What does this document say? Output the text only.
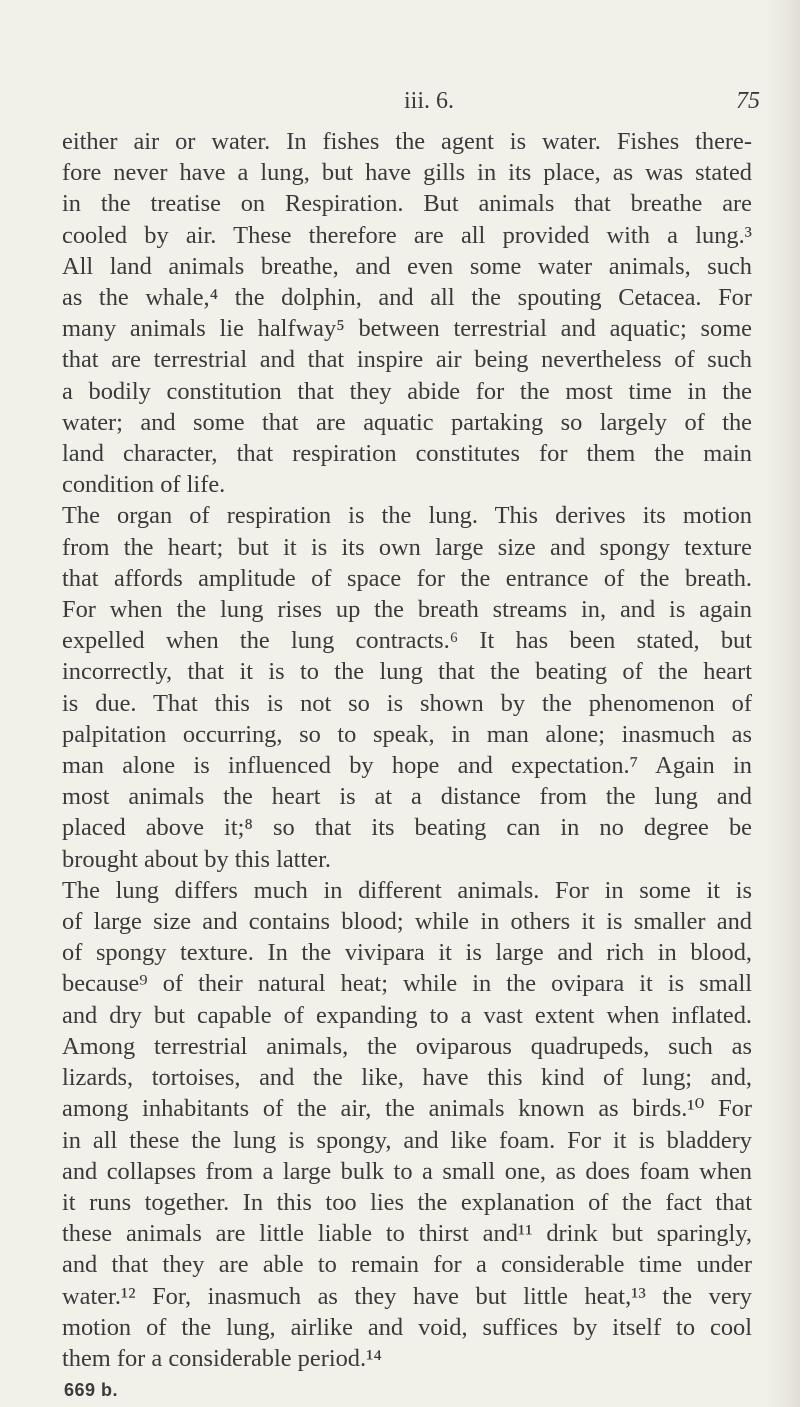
iii. 6.	75
either air or water. In fishes the agent is water. Fishes there-
fore never have a lung, but have gills in its place, as was stated
in the treatise on Respiration. But animals that breathe are
cooled by air. These therefore are all provided with a lung.³
All land animals breathe, and even some water animals, such
as the whale,⁴ the dolphin, and all the spouting Cetacea. For
many animals lie halfway⁵ between terrestrial and aquatic; some
that are terrestrial and that inspire air being nevertheless of such
a bodily constitution that they abide for the most time in the
water; and some that are aquatic partaking so largely of the
land character, that respiration constitutes for them the main
condition of life.
The organ of respiration is the lung. This derives its motion
from the heart; but it is its own large size and spongy texture
that affords amplitude of space for the entrance of the breath.
For when the lung rises up the breath streams in, and is again
expelled when the lung contracts.⁶ It has been stated, but
incorrectly, that it is to the lung that the beating of the heart
is due. That this is not so is shown by the phenomenon of
palpitation occurring, so to speak, in man alone; inasmuch as
man alone is influenced by hope and expectation.⁷ Again in
most animals the heart is at a distance from the lung and
placed above it;⁸ so that its beating can in no degree be
brought about by this latter.
The lung differs much in different animals. For in some it is
of large size and contains blood; while in others it is smaller and
of spongy texture. In the vivipara it is large and rich in blood,
because⁹ of their natural heat; while in the ovipara it is small
and dry but capable of expanding to a vast extent when inflated.
Among terrestrial animals, the oviparous quadrupeds, such as
lizards, tortoises, and the like, have this kind of lung; and,
among inhabitants of the air, the animals known as birds.¹⁰ For
in all these the lung is spongy, and like foam. For it is bladdery
and collapses from a large bulk to a small one, as does foam when
it runs together. In this too lies the explanation of the fact that
these animals are little liable to thirst and¹¹ drink but sparingly,
and that they are able to remain for a considerable time under
water.¹² For, inasmuch as they have but little heat,¹³ the very
motion of the lung, airlike and void, suffices by itself to cool
them for a considerable period.¹⁴
669 b.
